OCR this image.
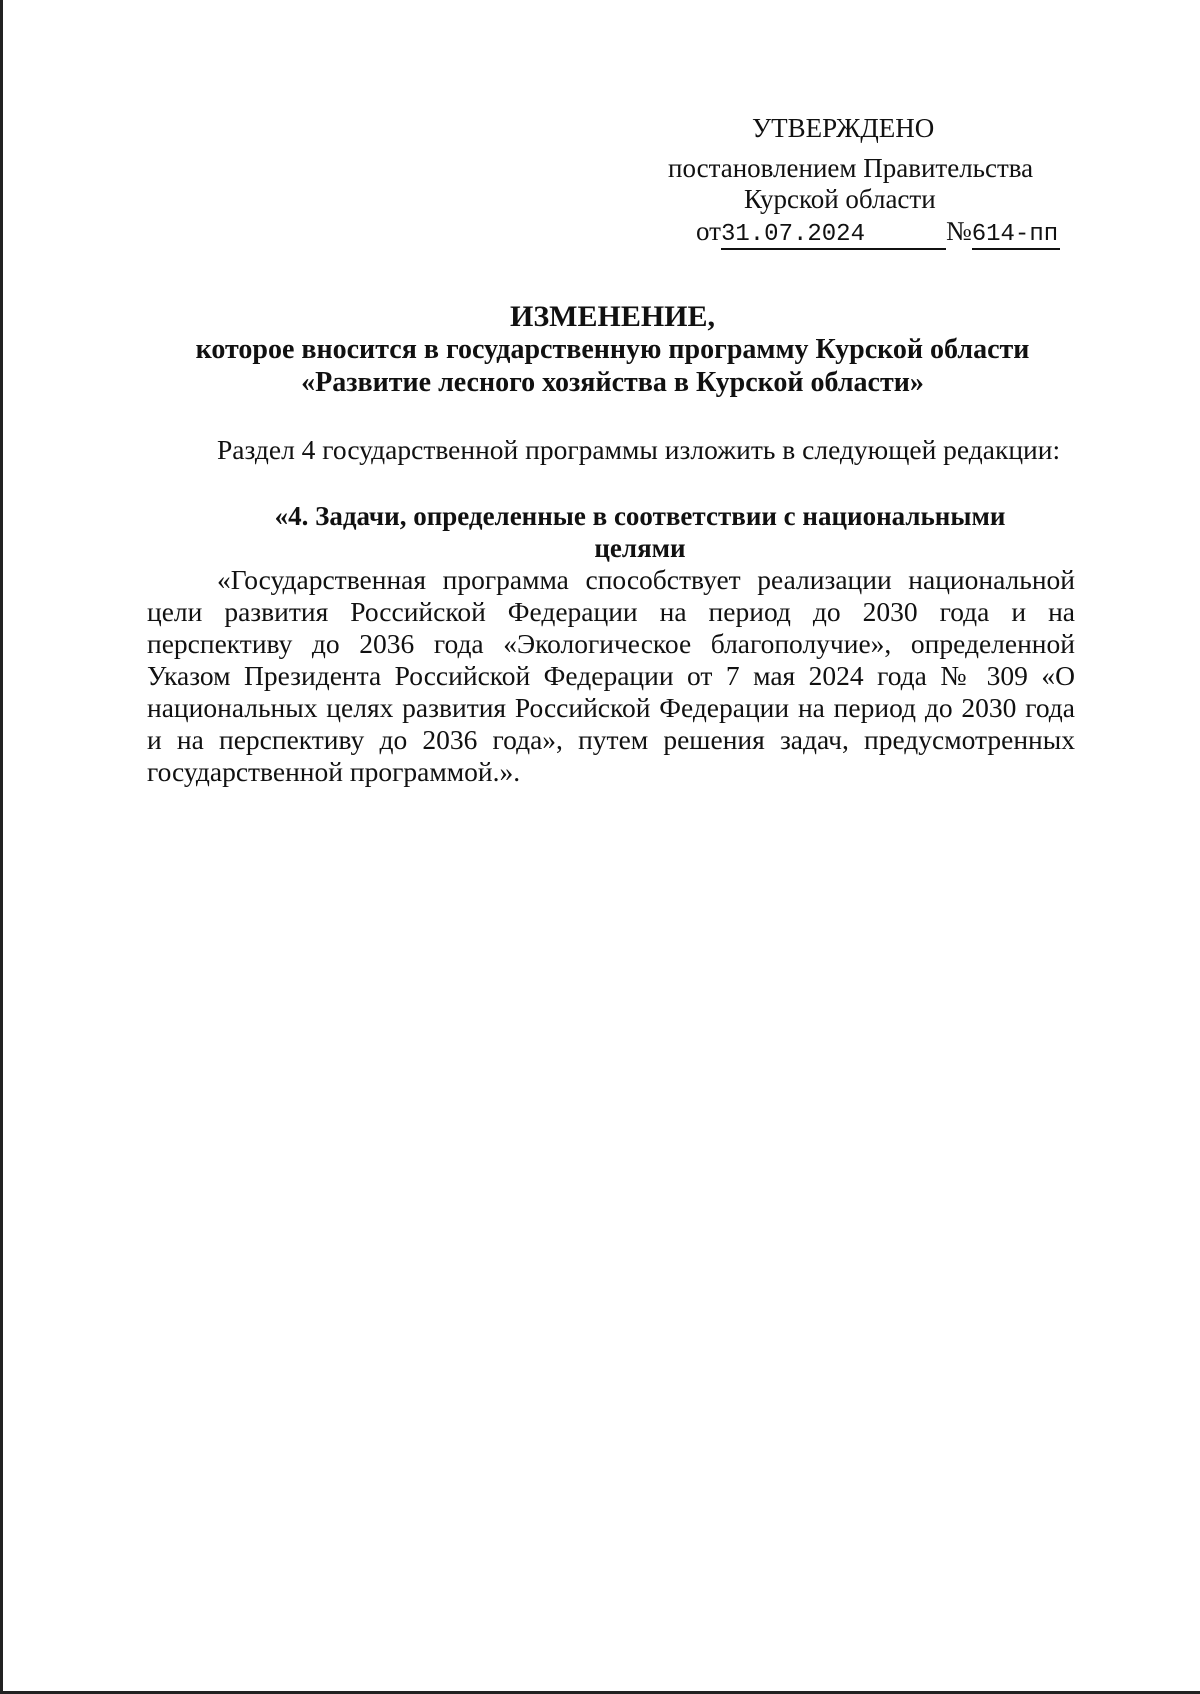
УТВЕРЖДЕНО
постановлением Правительства
Курской области
от31.07.2024	№614-пп
ИЗМЕНЕНИЕ,
которое вносится в государственную программу Курской области
«Развитие лесного хозяйства в Курской области»
Раздел 4 государственной программы изложить в следующей редакции:
«4. Задачи, определенные в соответствии с национальными целями
«Государственная программа способствует реализации национальной цели развития Российской Федерации на период до 2030 года и на перспективу до 2036 года «Экологическое благополучие», определенной Указом Президента Российской Федерации от 7 мая 2024 года № 309 «О национальных целях развития Российской Федерации на период до 2030 года и на перспективу до 2036 года», путем решения задач, предусмотренных государственной программой.».
